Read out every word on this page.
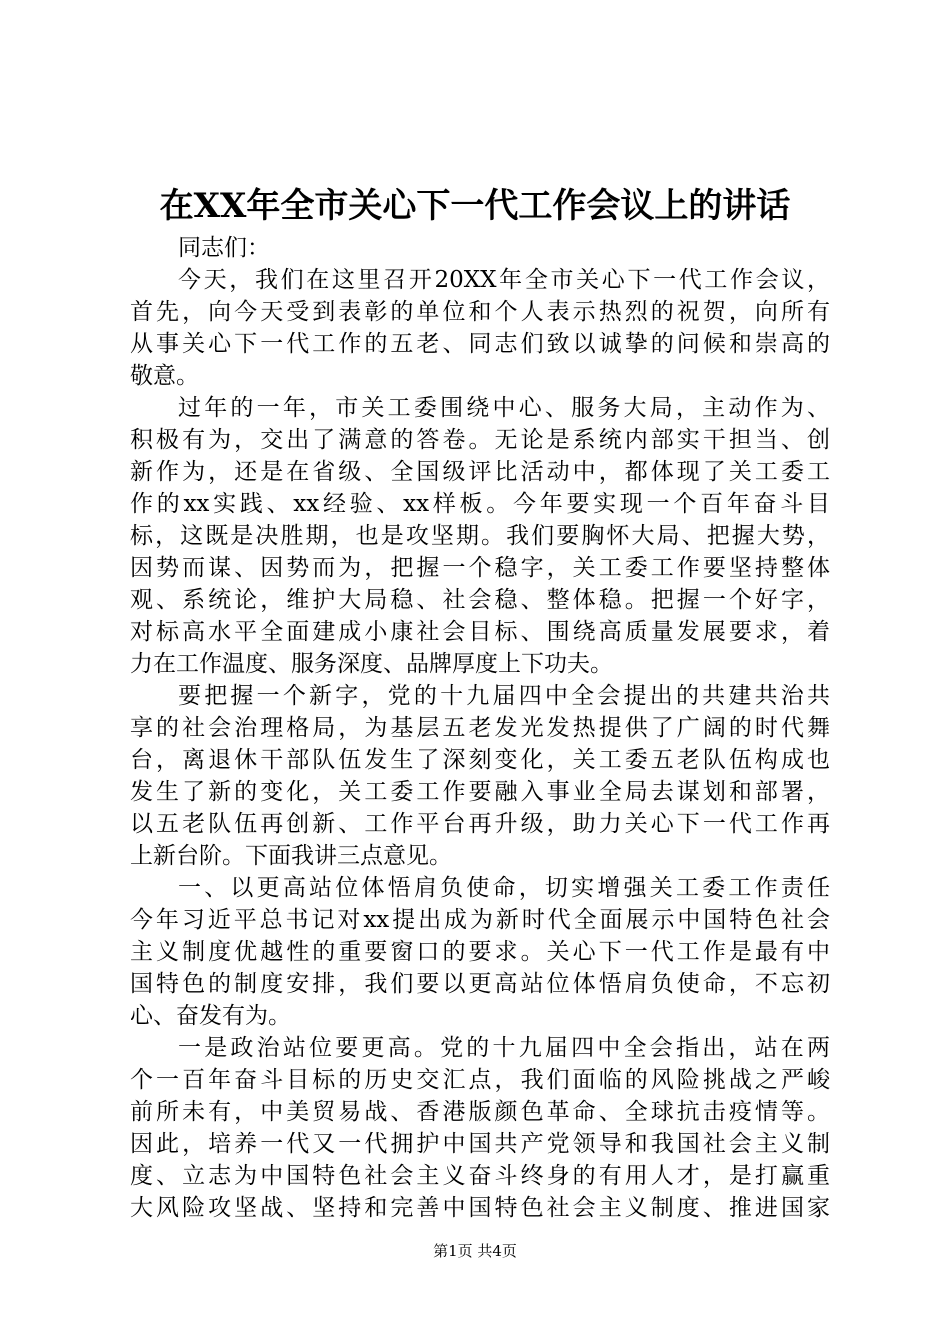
在XX年全市关心下一代工作会议上的讲话
同志们：
今天，我们在这里召开20XX年全市关心下一代工作会议，
首先，向今天受到表彰的单位和个人表示热烈的祝贺，向所有
从事关心下一代工作的五老、同志们致以诚挚的问候和崇高的
敬意。
过年的一年，市关工委围绕中心、服务大局，主动作为、
积极有为，交出了满意的答卷。无论是系统内部实干担当、创
新作为，还是在省级、全国级评比活动中，都体现了关工委工
作的xx实践、xx经验、xx样板。今年要实现一个百年奋斗目
标，这既是决胜期，也是攻坚期。我们要胸怀大局、把握大势，
因势而谋、因势而为，把握一个稳字，关工委工作要坚持整体
观、系统论，维护大局稳、社会稳、整体稳。把握一个好字，
对标高水平全面建成小康社会目标、围绕高质量发展要求，着
力在工作温度、服务深度、品牌厚度上下功夫。
要把握一个新字，党的十九届四中全会提出的共建共治共
享的社会治理格局，为基层五老发光发热提供了广阔的时代舞
台，离退休干部队伍发生了深刻变化，关工委五老队伍构成也
发生了新的变化，关工委工作要融入事业全局去谋划和部署，
以五老队伍再创新、工作平台再升级，助力关心下一代工作再
上新台阶。下面我讲三点意见。
一、以更高站位体悟肩负使命，切实增强关工委工作责任
今年习近平总书记对xx提出成为新时代全面展示中国特色社会
主义制度优越性的重要窗口的要求。关心下一代工作是最有中
国特色的制度安排，我们要以更高站位体悟肩负使命，不忘初
心、奋发有为。
一是政治站位要更高。党的十九届四中全会指出，站在两
个一百年奋斗目标的历史交汇点，我们面临的风险挑战之严峻
前所未有，中美贸易战、香港版颜色革命、全球抗击疫情等。
因此，培养一代又一代拥护中国共产党领导和我国社会主义制
度、立志为中国特色社会主义奋斗终身的有用人才，是打赢重
大风险攻坚战、坚持和完善中国特色社会主义制度、推进国家
第1页 共4页
